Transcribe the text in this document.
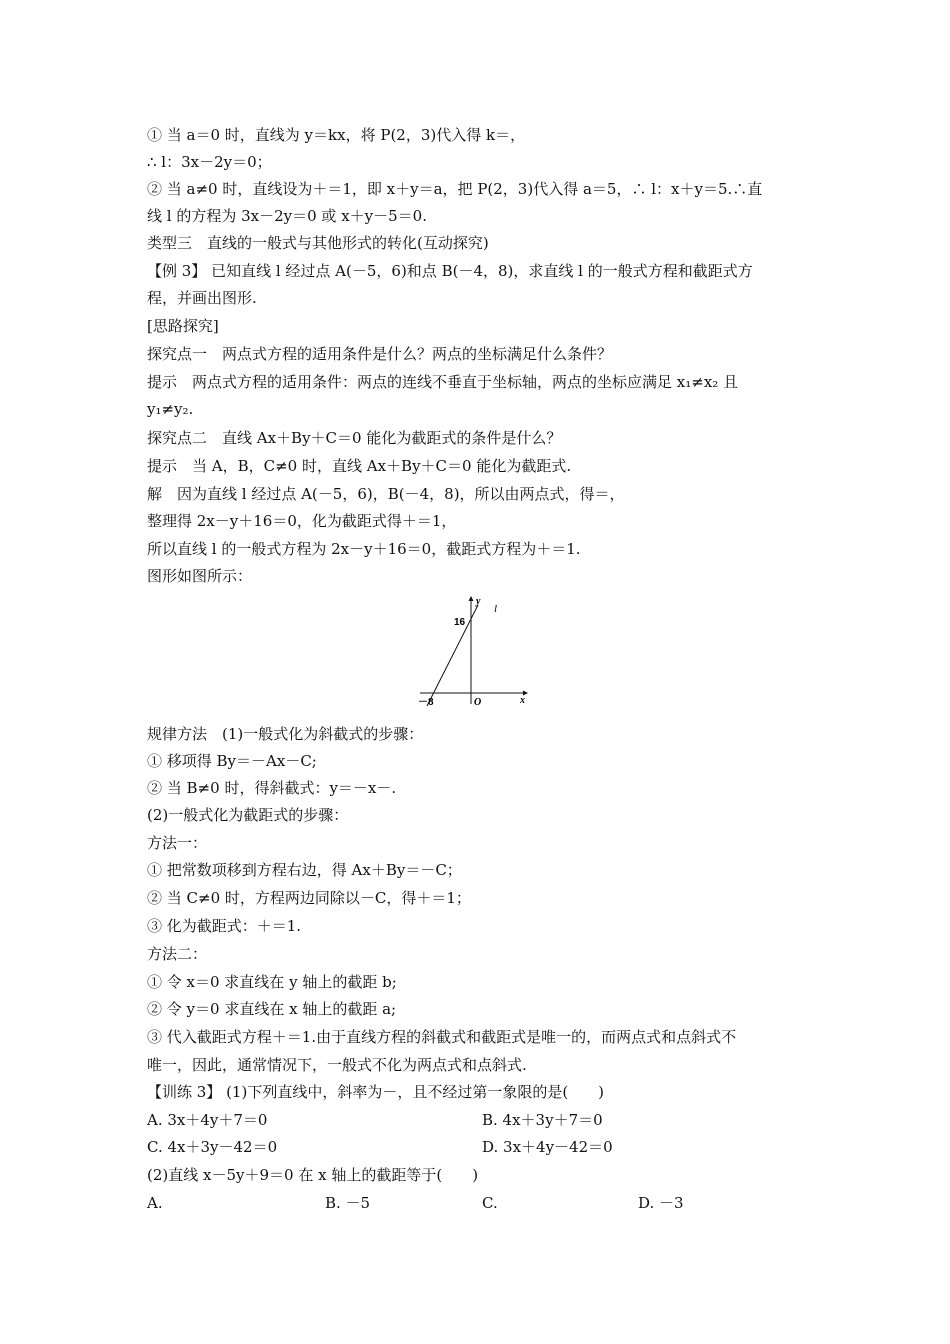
① 当 a＝0 时，直线为 y＝kx，将 P(2，3)代入得 k＝，
∴ l：3x－2y＝0；
② 当 a≠0 时，直线设为＋＝1，即 x＋y＝a，把 P(2，3)代入得 a＝5，∴ l：x＋y＝5.∴直
线 l 的方程为 3x－2y＝0 或 x＋y－5＝0.
类型三　直线的一般式与其他形式的转化(互动探究)
【例 3】 已知直线 l 经过点 A(－5，6)和点 B(－4，8)，求直线 l 的一般式方程和截距式方
程，并画出图形.
[思路探究]
探究点一　两点式方程的适用条件是什么？两点的坐标满足什么条件？
提示　两点式方程的适用条件：两点的连线不垂直于坐标轴，两点的坐标应满足 x₁≠x₂ 且
y₁≠y₂.
探究点二　直线 Ax＋By＋C＝0 能化为截距式的条件是什么？
提示　当 A，B，C≠0 时，直线 Ax＋By＋C＝0 能化为截距式.
解　因为直线 l 经过点 A(－5，6)，B(－4，8)，所以由两点式，得＝，
整理得 2x－y＋16＝0，化为截距式得＋＝1，
所以直线 l 的一般式方程为 2x－y＋16＝0，截距式方程为＋＝1.
图形如图所示：
y
l
16
－8	O	x
规律方法　(1)一般式化为斜截式的步骤：
① 移项得 By＝－Ax－C;
② 当 B≠0 时，得斜截式：y＝－x－.
(2)一般式化为截距式的步骤：
方法一：
① 把常数项移到方程右边，得 Ax＋By＝－C；
② 当 C≠0 时，方程两边同除以－C，得＋＝1；
③ 化为截距式：＋＝1.
方法二：
① 令 x＝0 求直线在 y 轴上的截距 b;
② 令 y＝0 求直线在 x 轴上的截距 a;
③ 代入截距式方程＋＝1.由于直线方程的斜截式和截距式是唯一的，而两点式和点斜式不
唯一，因此，通常情况下，一般式不化为两点式和点斜式.
【训练 3】 (1)下列直线中，斜率为－，且不经过第一象限的是(　　)
A. 3x＋4y＋7＝0	B. 4x＋3y＋7＝0
C. 4x＋3y－42＝0	D. 3x＋4y－42＝0
(2)直线 x－5y＋9＝0 在 x 轴上的截距等于(　　)
A.	B. －5	C.	D. －3
